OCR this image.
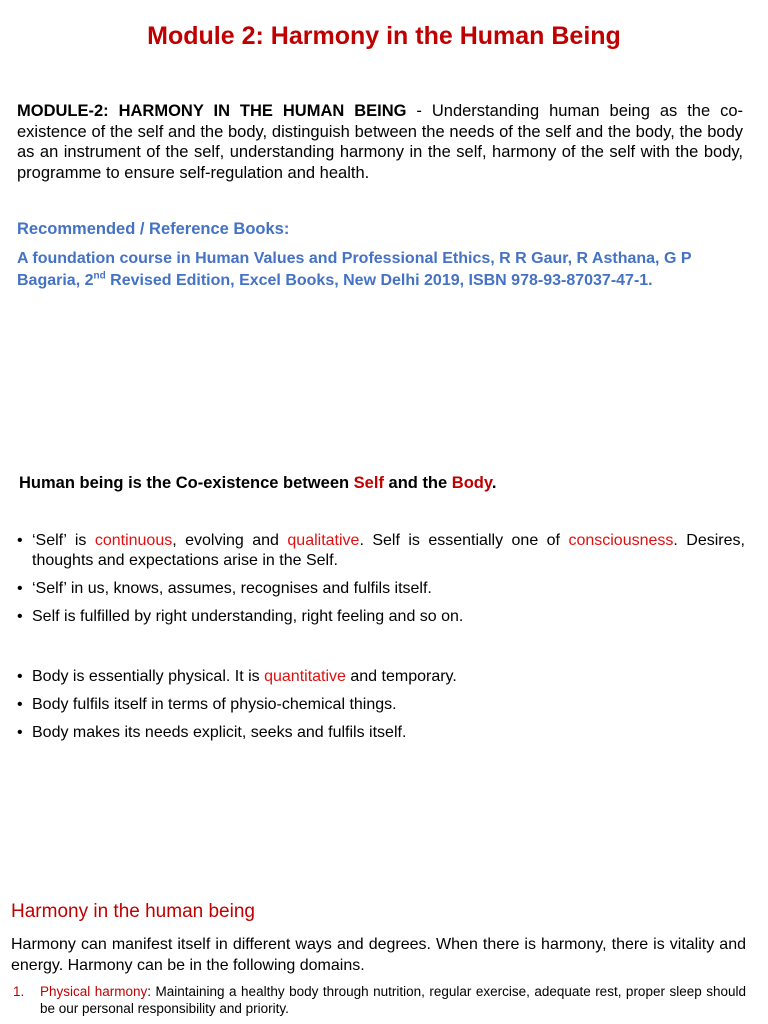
Module 2: Harmony in the Human Being

MODULE-2: HARMONY IN THE HUMAN BEING - Understanding human being as the co-existence of the self and the body, distinguish between the needs of the self and the body, the body as an instrument of the self, understanding harmony in the self, harmony of the self with the body, programme to ensure self-regulation and health.

Recommended / Reference Books:

A foundation course in Human Values and Professional Ethics, R R Gaur, R Asthana, G P Bagaria, 2nd Revised Edition, Excel Books, New Delhi 2019, ISBN 978-93-87037-47-1.

Human being is the Co-existence between Self and the Body.

• ‘Self’ is continuous, evolving and qualitative. Self is essentially one of consciousness. Desires, thoughts and expectations arise in the Self.
• ‘Self’ in us, knows, assumes, recognises and fulfils itself.
• Self is fulfilled by right understanding, right feeling and so on.
• Body is essentially physical. It is quantitative and temporary.
• Body fulfils itself in terms of physio-chemical things.
• Body makes its needs explicit, seeks and fulfils itself.
Harmony in the human being

Harmony can manifest itself in different ways and degrees. When there is harmony, there is vitality and energy. Harmony can be in the following domains.

1. Physical harmony: Maintaining a healthy body through nutrition, regular exercise, adequate rest, proper sleep should be our personal responsibility and priority.
